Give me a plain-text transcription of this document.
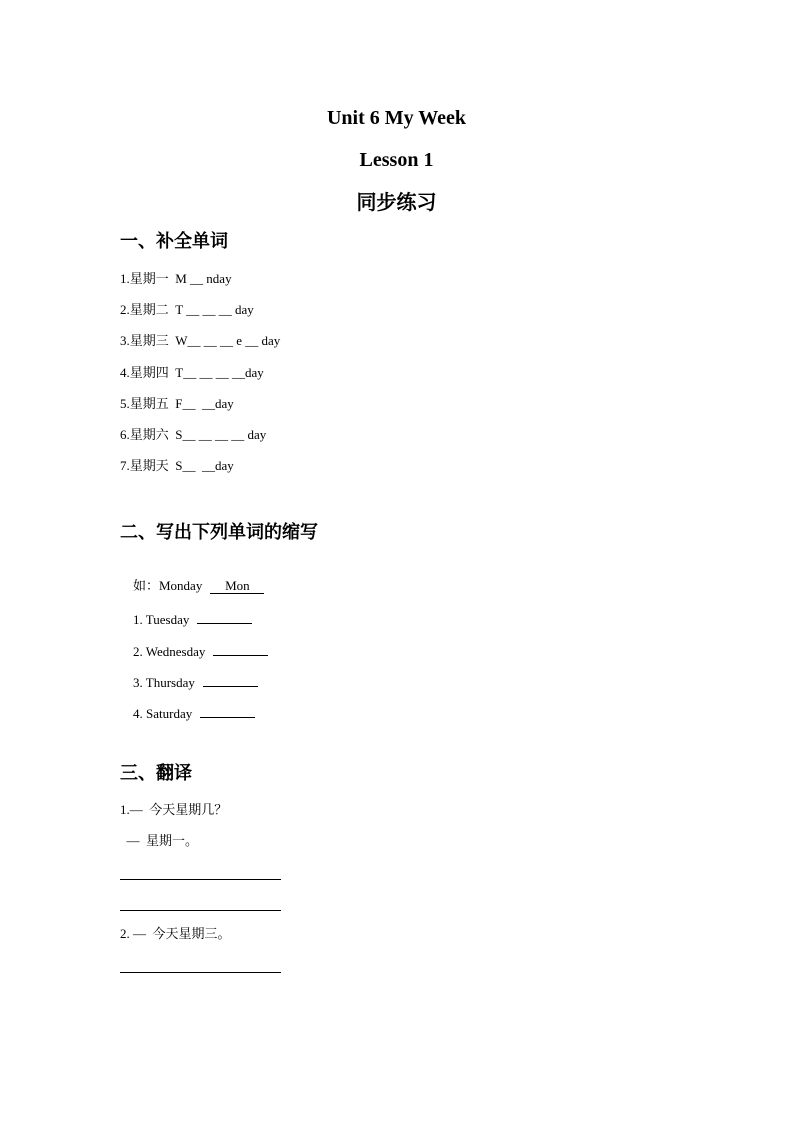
Unit 6 My Week
Lesson 1
同步练习
一、补全单词
1.星期一  M __ nday
2.星期二  T __ __ __ day
3.星期三  W__ __ __ e __ day
4.星期四  T__ __ __ __day
5.星期五  F__  __day
6.星期六  S__ __ __ __ day
7.星期天  S__  __day
二、写出下列单词的缩写

如：Monday Mon

1. Tuesday

2. Wednesday

3. Thursday

4. Saturday

三、翻译
1.—  今天星期几？
—  星期一。
2. —  今天星期三。
